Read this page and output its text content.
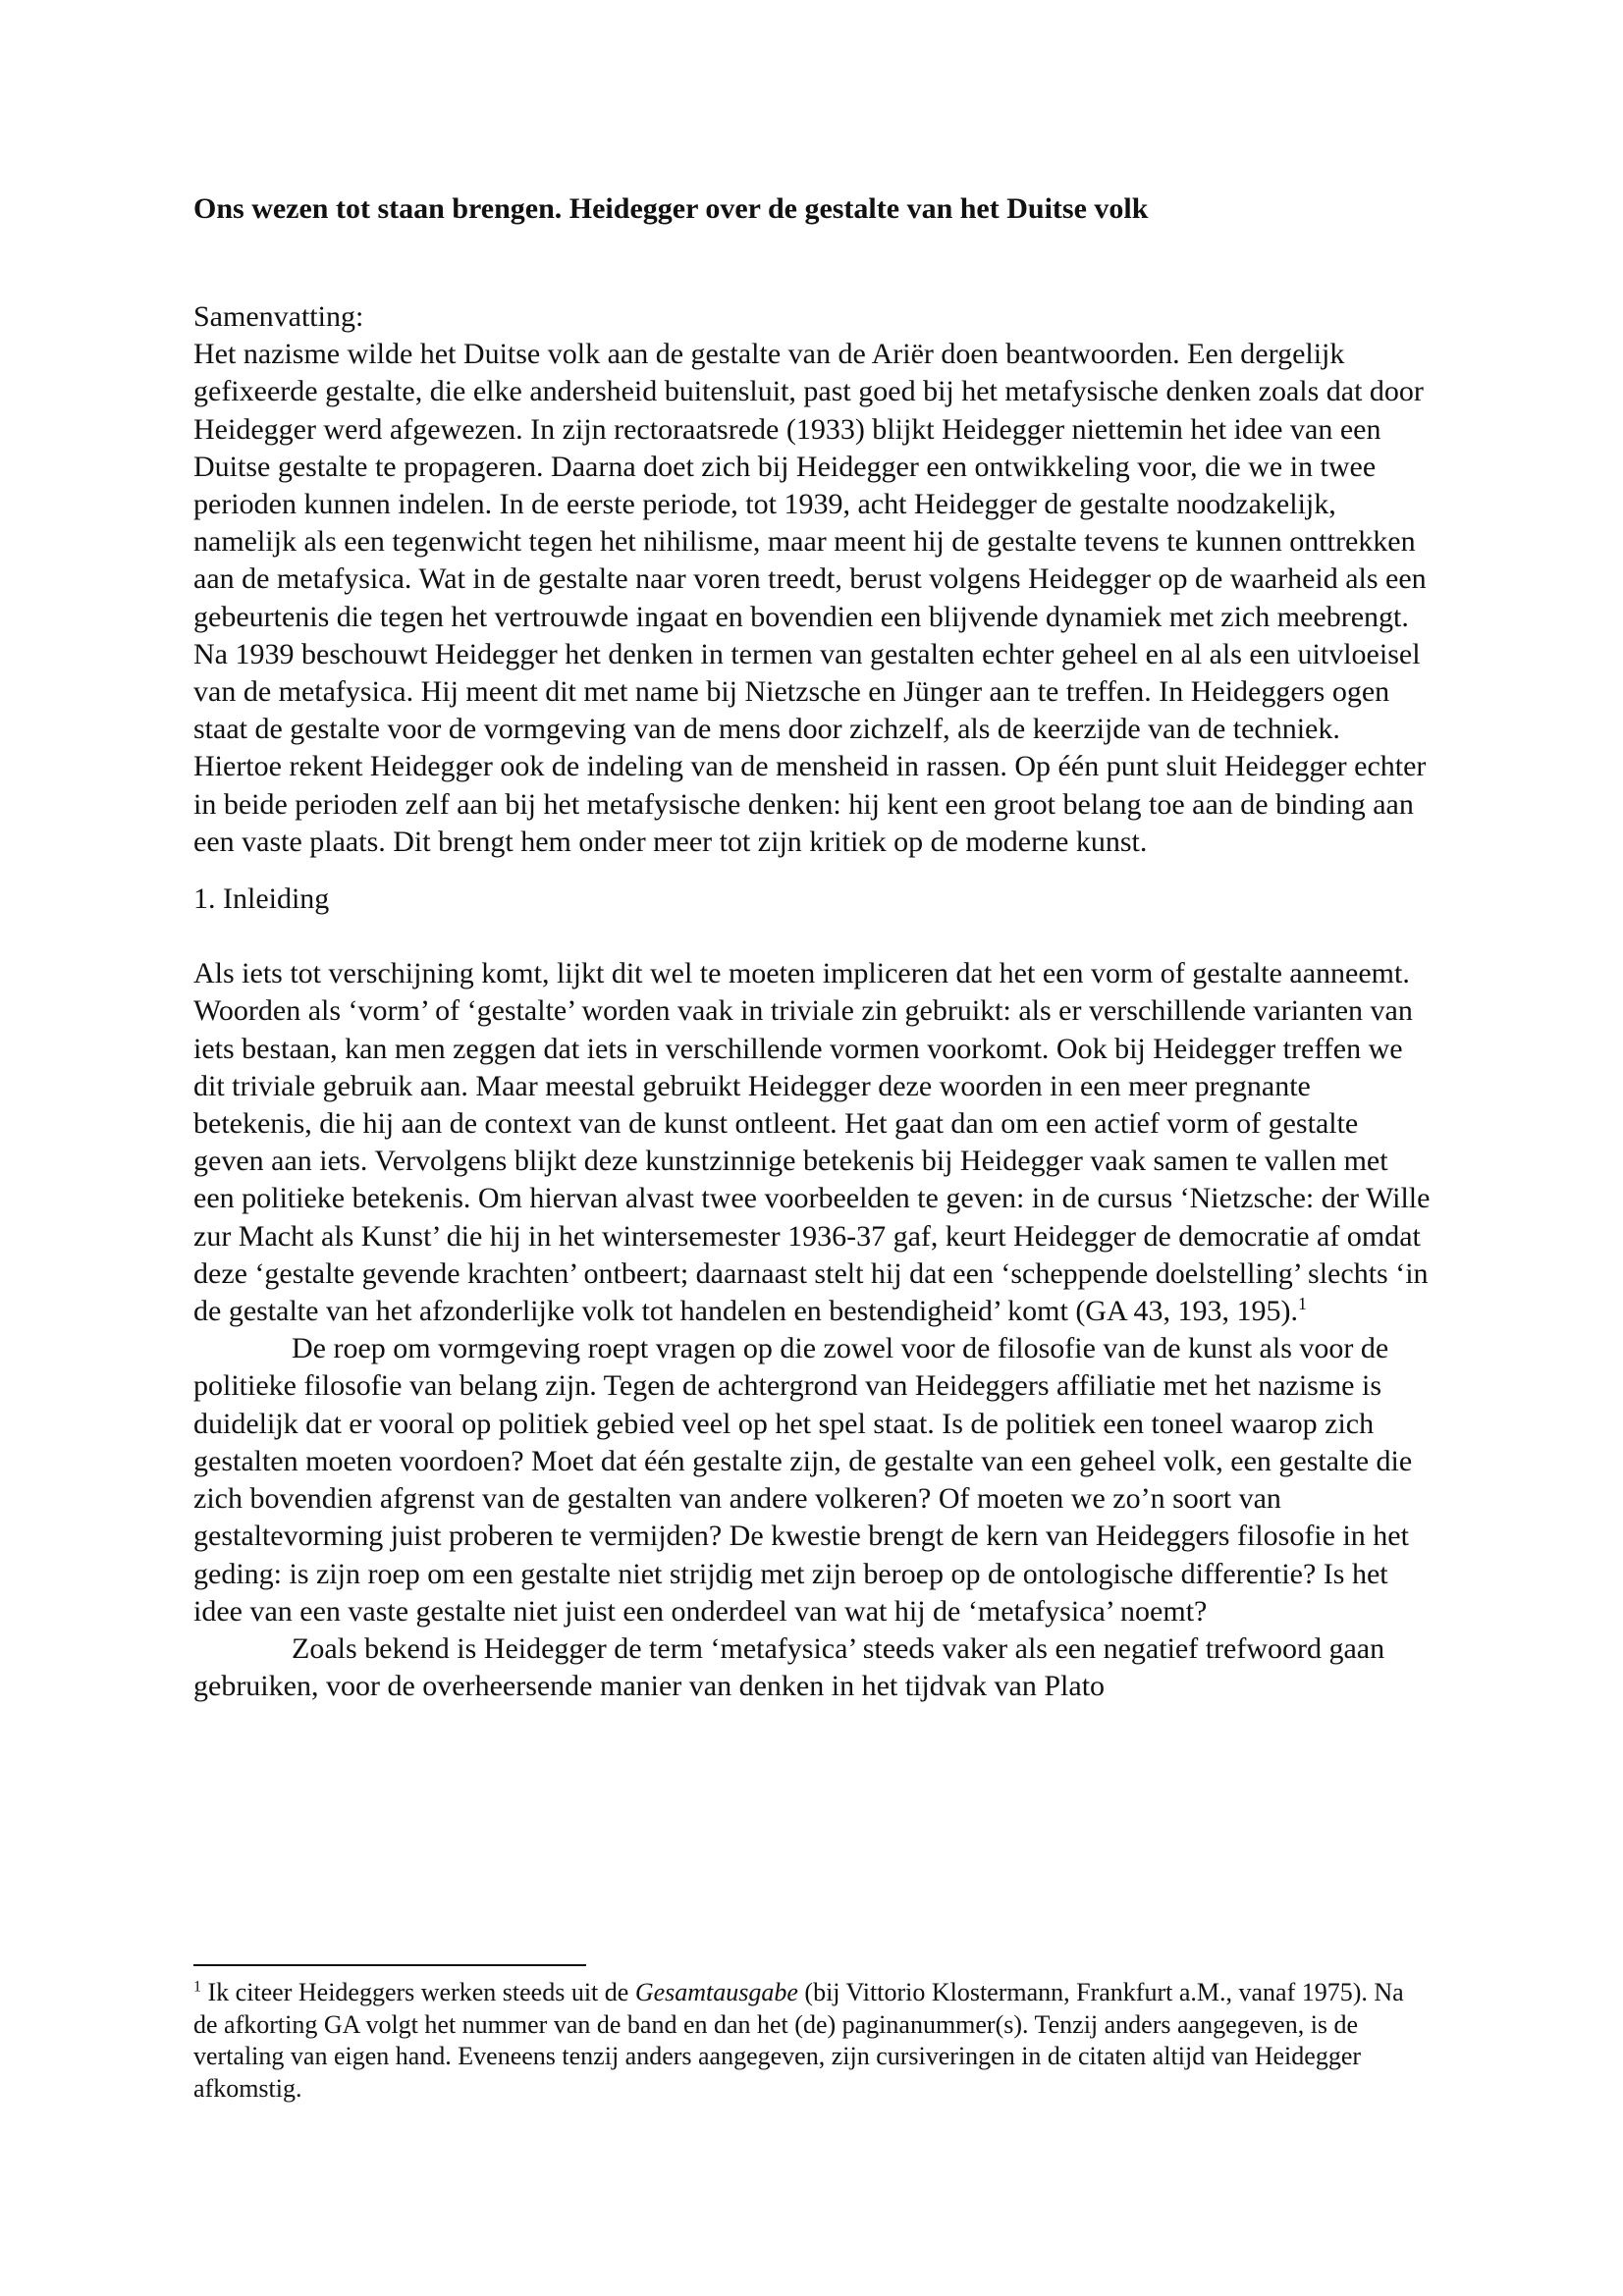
Ons wezen tot staan brengen. Heidegger over de gestalte van het Duitse volk

Samenvatting:

Het nazisme wilde het Duitse volk aan de gestalte van de Ariër doen beantwoorden. Een dergelijk gefixeerde gestalte, die elke andersheid buitensluit, past goed bij het metafysische denken zoals dat door Heidegger werd afgewezen. In zijn rectoraatsrede (1933) blijkt Heidegger niettemin het idee van een Duitse gestalte te propageren. Daarna doet zich bij Heidegger een ontwikkeling voor, die we in twee perioden kunnen indelen. In de eerste periode, tot 1939, acht Heidegger de gestalte noodzakelijk, namelijk als een tegenwicht tegen het nihilisme, maar meent hij de gestalte tevens te kunnen onttrekken aan de metafysica. Wat in de gestalte naar voren treedt, berust volgens Heidegger op de waarheid als een gebeurtenis die tegen het vertrouwde ingaat en bovendien een blijvende dynamiek met zich meebrengt. Na 1939 beschouwt Heidegger het denken in termen van gestalten echter geheel en al als een uitvloeisel van de metafysica. Hij meent dit met name bij Nietzsche en Jünger aan te treffen. In Heideggers ogen staat de gestalte voor de vormgeving van de mens door zichzelf, als de keerzijde van de techniek. Hiertoe rekent Heidegger ook de indeling van de mensheid in rassen. Op één punt sluit Heidegger echter in beide perioden zelf aan bij het metafysische denken: hij kent een groot belang toe aan de binding aan een vaste plaats. Dit brengt hem onder meer tot zijn kritiek op de moderne kunst.

1. Inleiding

Als iets tot verschijning komt, lijkt dit wel te moeten impliceren dat het een vorm of gestalte aanneemt. Woorden als ‘vorm’ of ‘gestalte’ worden vaak in triviale zin gebruikt: als er verschillende varianten van iets bestaan, kan men zeggen dat iets in verschillende vormen voorkomt. Ook bij Heidegger treffen we dit triviale gebruik aan. Maar meestal gebruikt Heidegger deze woorden in een meer pregnante betekenis, die hij aan de context van de kunst ontleent. Het gaat dan om een actief vorm of gestalte geven aan iets. Vervolgens blijkt deze kunstzinnige betekenis bij Heidegger vaak samen te vallen met een politieke betekenis. Om hiervan alvast twee voorbeelden te geven: in de cursus ‘Nietzsche: der Wille zur Macht als Kunst’ die hij in het wintersemester 1936-37 gaf, keurt Heidegger de democratie af omdat deze ‘gestalte gevende krachten’ ontbeert; daarnaast stelt hij dat een ‘scheppende doelstelling’ slechts ‘in de gestalte van het afzonderlijke volk tot handelen en bestendigheid’ komt (GA 43, 193, 195).$^1$

De roep om vormgeving roept vragen op die zowel voor de filosofie van de kunst als voor de politieke filosofie van belang zijn. Tegen de achtergrond van Heideggers affiliatie met het nazisme is duidelijk dat er vooral op politiek gebied veel op het spel staat. Is de politiek een toneel waarop zich gestalten moeten voordoen? Moet dat één gestalte zijn, de gestalte van een geheel volk, een gestalte die zich bovendien afgrenst van de gestalten van andere volkeren? Of moeten we zo’n soort van gestaltevorming juist proberen te vermijden? De kwestie brengt de kern van Heideggers filosofie in het geding: is zijn roep om een gestalte niet strijdig met zijn beroep op de ontologische differentie? Is het idee van een vaste gestalte niet juist een onderdeel van wat hij de ‘metafysica’ noemt?

Zoals bekend is Heidegger de term ‘metafysica’ steeds vaker als een negatief trefwoord gaan gebruiken, voor de overheersende manier van denken in het tijdvak van Plato

$^1$ Ik citeer Heideggers werken steeds uit de Gesamtausgabe (bij Vittorio Klostermann, Frankfurt a.M., vanaf 1975). Na de afkorting GA volgt het nummer van de band en dan het (de) paginanummer(s). Tenzij anders aangegeven, is de vertaling van eigen hand. Eveneens tenzij anders aangegeven, zijn cursiveringen in de citaten altijd van Heidegger afkomstig.
